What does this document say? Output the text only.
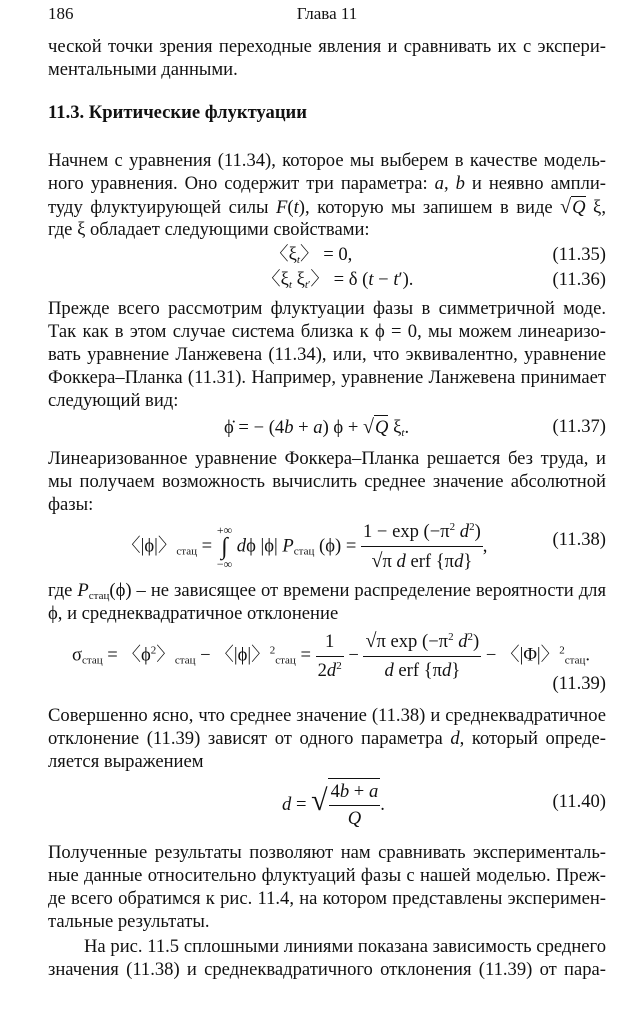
186	Глава 11
ческой точки зрения переходные явления и сравнивать их с экспери-
ментальными данными.
11.3. Критические флуктуации
Начнем с уравнения (11.34), которое мы выберем в качестве модель-
ного уравнения. Оно содержит три параметра: a, b и неявно ампли-
туду флуктуирующей силы F(t), которую мы запишем в виде √Q ξ,
где ξ обладает следующими свойствами:
〈$\xi_t$〉 = 0,	(11.35)
〈$\xi_t$ $\xi_{t'}$〉 = δ (t − t′).	(11.36)
Прежде всего рассмотрим флуктуации фазы в симметричной моде.
Так как в этом случае система близка к ϕ = 0, мы можем линеаризо-
вать уравнение Ланжевена (11.34), или, что эквивалентно, уравнение
Фоккера–Планка (11.31). Например, уравнение Ланжевена принимает
следующий вид:
ϕ̇ = − (4b + a) ϕ + √Q $\xi_t$.	(11.37)
Линеаризованное уравнение Фоккера–Планка решается без труда, и
мы получаем возможность вычислить среднее значение абсолютной
фазы:
〈|ϕ|〉$_{стац}$ = +∞
∫
−∞ dϕ |ϕ| $P_{стац}$ $(\phi) = \frac{1 - \exp (-\pi^2 d^2)}{\text{√π d erf \{πd\}}}$ ,	(11.38)
где $P_{стац}(\phi)$ – не зависящее от времени распределение вероятности для
ϕ, и среднеквадратичное отклонение
$\sigma_{стац}$ = 〈$\phi^2$〉$_{стац}$ − 〈|ϕ|〉$^2_{стац} = \frac{1}{2d^2} - \frac{√\pi \exp (-\pi^2 d^2)}{\text{d erf \{πd\}}}$ − 〈|Φ|〉$^2_{стац}$.
(11.39)
Совершенно ясно, что среднее значение (11.38) и среднеквадратичное
отклонение (11.39) зависят от одного параметра d, который опреде-
ляется выражением
d = √ $\frac{4b + a}{Q}$ .	(11.40)
Полученные результаты позволяют нам сравнивать эксперименталь-
ные данные относительно флуктуаций фазы с нашей моделью. Преж-
де всего обратимся к рис. 11.4, на котором представлены эксперимен-
тальные результаты.
На рис. 11.5 сплошными линиями показана зависимость среднего
значения (11.38) и среднеквадратичного отклонения (11.39) от пара-
